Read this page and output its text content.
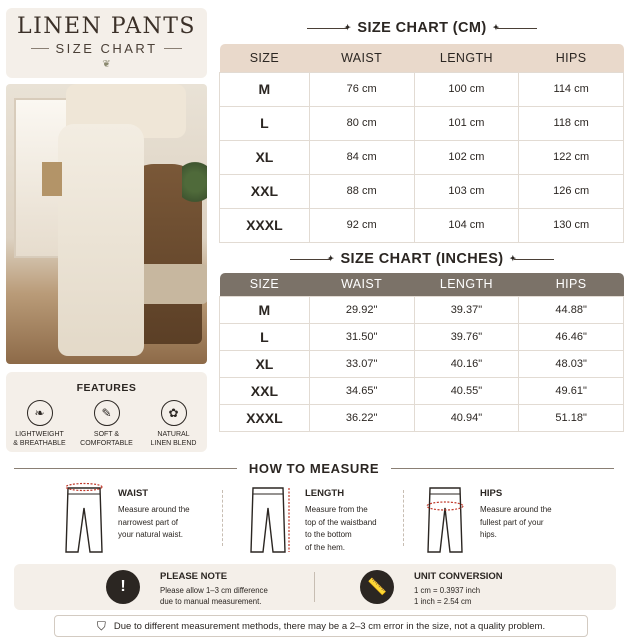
LINEN PANTS
SIZE CHART
❦
FEATURES
❧
LIGHTWEIGHT
& BREATHABLE
✎
SOFT &
COMFORTABLE
✿
NATURAL
LINEN BLEND
✦SIZE CHART (CM)✦
SIZE	WAIST	LENGTH	HIPS
M	76 cm	100 cm	114 cm
L	80 cm	101 cm	118 cm
XL	84 cm	102 cm	122 cm
XXL	88 cm	103 cm	126 cm
XXXL	92 cm	104 cm	130 cm
✦SIZE CHART (INCHES)✦
SIZE	WAIST	LENGTH	HIPS
M	29.92"	39.37"	44.88"
L	31.50"	39.76"	46.46"
XL	33.07"	40.16"	48.03"
XXL	34.65"	40.55"	49.61"
XXXL	36.22"	40.94"	51.18"
HOW TO MEASURE
WAIST
Measure around the
narrowest part of
your natural waist.
LENGTH
Measure from the
top of the waistband
to the bottom
of the hem.
HIPS
Measure around the
fullest part of your
hips.
!
PLEASE NOTE
Please allow 1–3 cm difference
due to manual measurement.
📏
UNIT CONVERSION
1 cm = 0.3937 inch
1 inch = 2.54 cm
⛉ Due to different measurement methods, there may be a 2–3 cm error in the size, not a quality problem.
